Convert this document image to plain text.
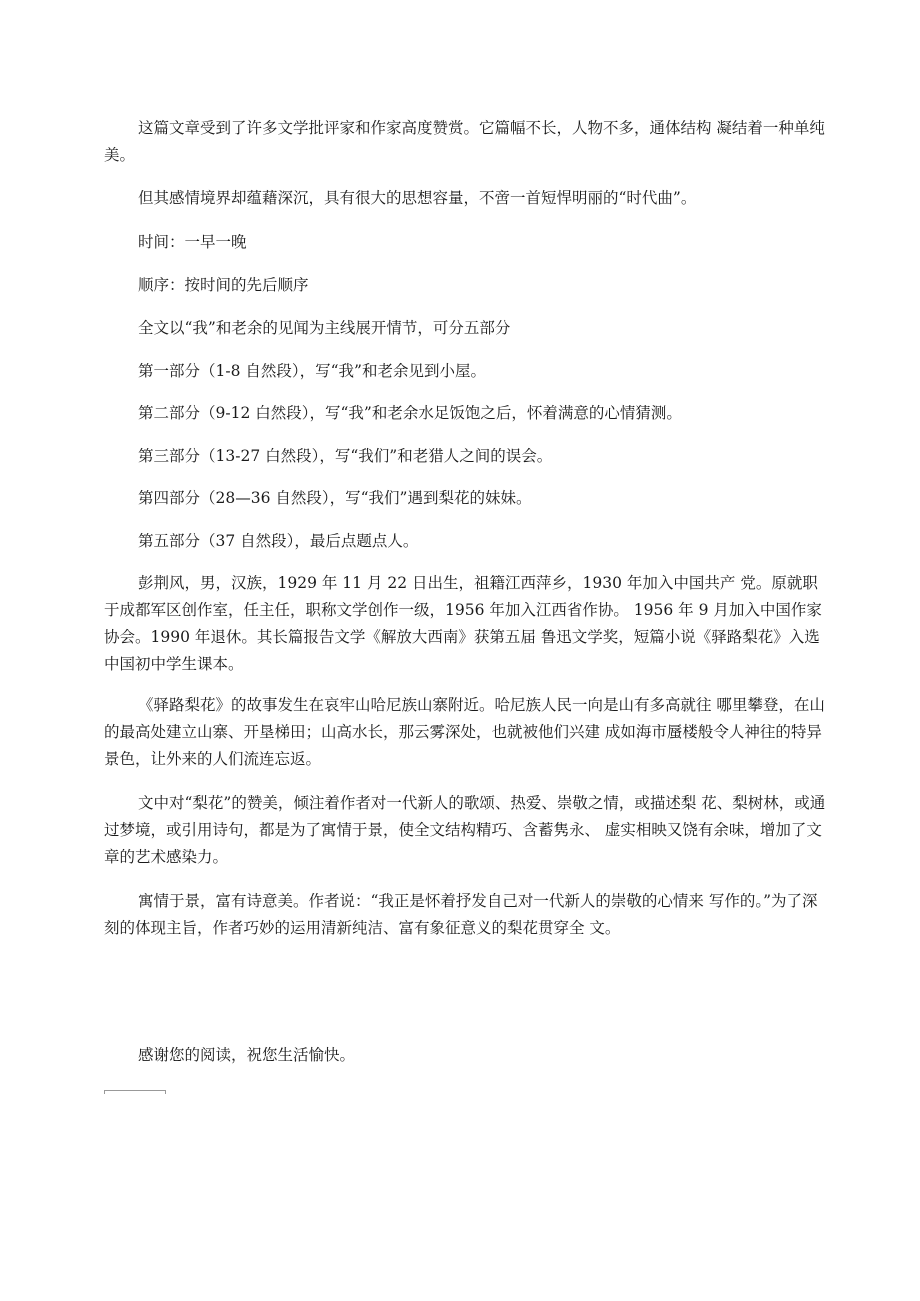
这篇文章受到了许多文学批评家和作家高度赞赏。它篇幅不长，人物不多，通体结构 凝结着一种单纯美。

但其感情境界却蕴藉深沉，具有很大的思想容量，不啻一首短悍明丽的“时代曲”。

时间：一早一晚

顺序：按时间的先后顺序

全文以“我”和老余的见闻为主线展开情节，可分五部分

第一部分（1-8 自然段），写“我”和老余见到小屋。

第二部分（9-12 白然段），写“我”和老余水足饭饱之后，怀着满意的心情猜测。

第三部分（13-27 白然段），写“我们”和老猎人之间的误会。

第四部分（28—36 自然段），写“我们”遇到梨花的妹妹。

第五部分（37 自然段），最后点题点人。

彭荆风，男，汉族，1929 年 11 月 22 日出生，祖籍江西萍乡，1930 年加入中国共产 党。原就职于成都军区创作室，任主任，职称文学创作一级，1956 年加入江西省作协。 1956 年 9 月加入中国作家协会。1990 年退休。其长篇报告文学《解放大西南》获第五届 鲁迅文学奖，短篇小说《驿路梨花》入选中国初中学生课本。

《驿路梨花》的故事发生在哀牢山哈尼族山寨附近。哈尼族人民一向是山有多高就往 哪里攀登，在山的最高处建立山寨、开垦梯田；山高水长，那云雾深处，也就被他们兴建 成如海市蜃楼般令人神往的特异景色，让外来的人们流连忘返。

文中对“梨花”的赞美，倾注着作者对一代新人的歌颂、热爱、崇敬之情，或描述梨 花、梨树林，或通过梦境，或引用诗句，都是为了寓情于景，使全文结构精巧、含蓄隽永、 虚实相映又饶有余味，增加了文章的艺术感染力。

寓情于景，富有诗意美。作者说：“我正是怀着抒发自己对一代新人的崇敬的心情来 写作的。”为了深刻的体现主旨，作者巧妙的运用清新纯洁、富有象征意义的梨花贯穿全 文。

感谢您的阅读，祝您生活愉快。
